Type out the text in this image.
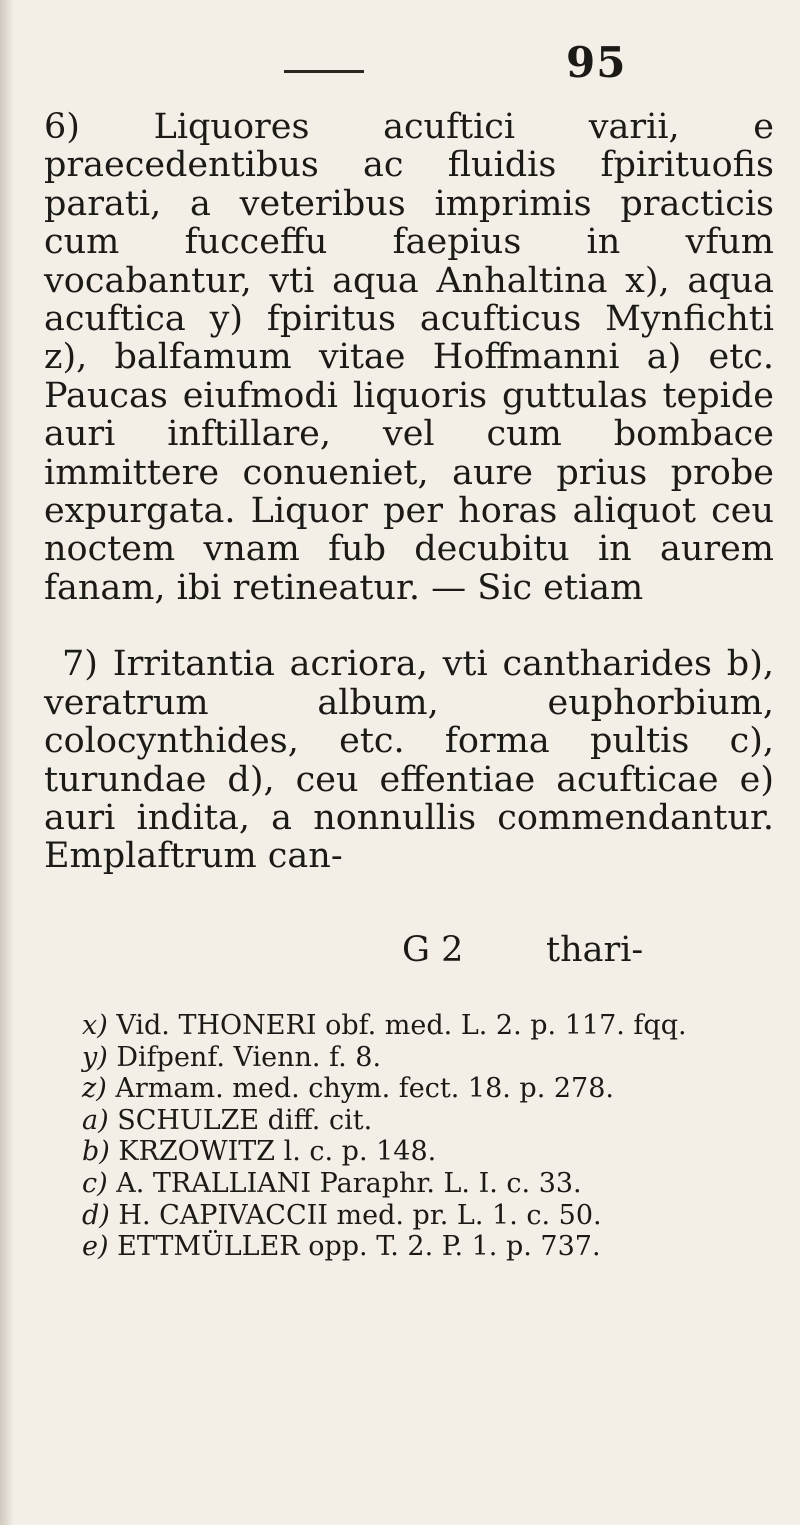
95

6) Liquores acuftici varii, e praecedentibus ac fluidis fpirituofis parati, a veteribus imprimis practicis cum fucceffu faepius in vfum vocabantur, vti aqua Anhaltina x), aqua acuftica y) fpiritus acufticus Mynfichti z), balfamum vitae Hoffmanni a) etc. Paucas eiufmodi liquoris guttulas tepide auri inftillare, vel cum bombace immittere conueniet, aure prius probe expurgata. Liquor per horas aliquot ceu noctem vnam fub decubitu in aurem fanam, ibi retineatur. — Sic etiam

7) Irritantia acriora, vti cantharides b), veratrum album, euphorbium, colocynthides, etc. forma pultis c), turundae d), ceu effentiae acufticae e) auri indita, a nonnullis commendantur. Emplaftrum can-

G 2 thari-
x) Vid. THONERI obf. med. L. 2. p. 117. fqq.
y) Difpenf. Vienn. f. 8.
z) Armam. med. chym. fect. 18. p. 278.
a) SCHULZE diff. cit.
b) KRZOWITZ l. c. p. 148.
c) A. TRALLIANI Paraphr. L. I. c. 33.
d) H. CAPIVACCII med. pr. L. 1. c. 50.
e) ETTMÜLLER opp. T. 2. P. 1. p. 737.
